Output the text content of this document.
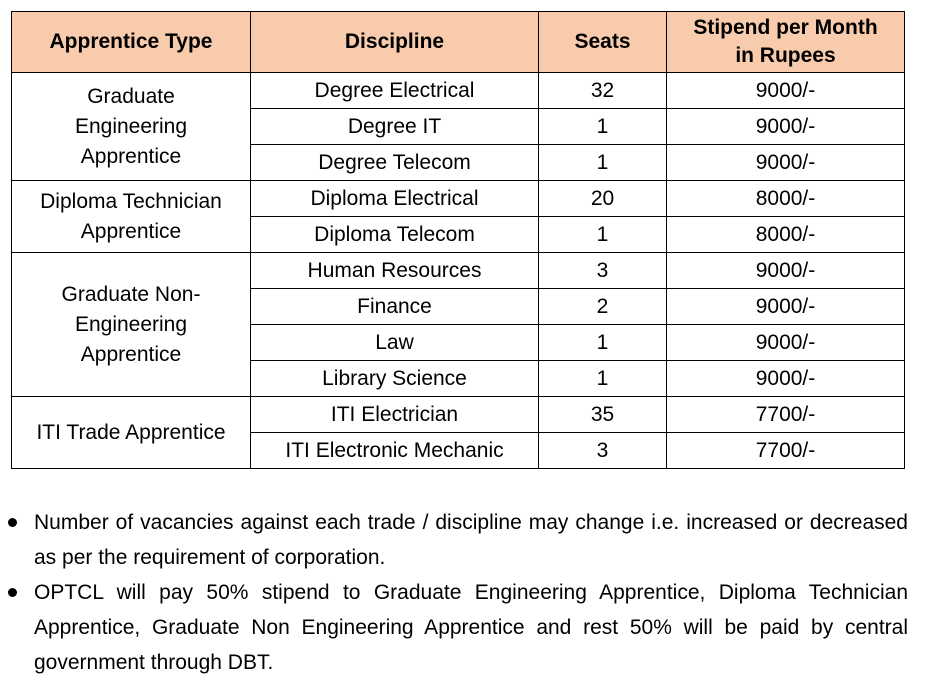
Apprentice Type	Discipline	Seats	Stipend per Month
in Rupees
Graduate
Engineering
Apprentice	Degree Electrical	32	9000/-
	Degree IT	1	9000/-
	Degree Telecom	1	9000/-
Diploma Technician
Apprentice	Diploma Electrical	20	8000/-
	Diploma Telecom	1	8000/-
Graduate Non-
Engineering
Apprentice	Human Resources	3	9000/-
	Finance	2	9000/-
	Law	1	9000/-
	Library Science	1	9000/-
ITI Trade Apprentice	ITI Electrician	35	7700/-
	ITI Electronic Mechanic	3	7700/-
Number of vacancies against each trade / discipline may change i.e. increased or decreased as per the requirement of corporation.
OPTCL will pay 50% stipend to Graduate Engineering Apprentice, Diploma Technician Apprentice, Graduate Non Engineering Apprentice and rest 50% will be paid by central government through DBT.
